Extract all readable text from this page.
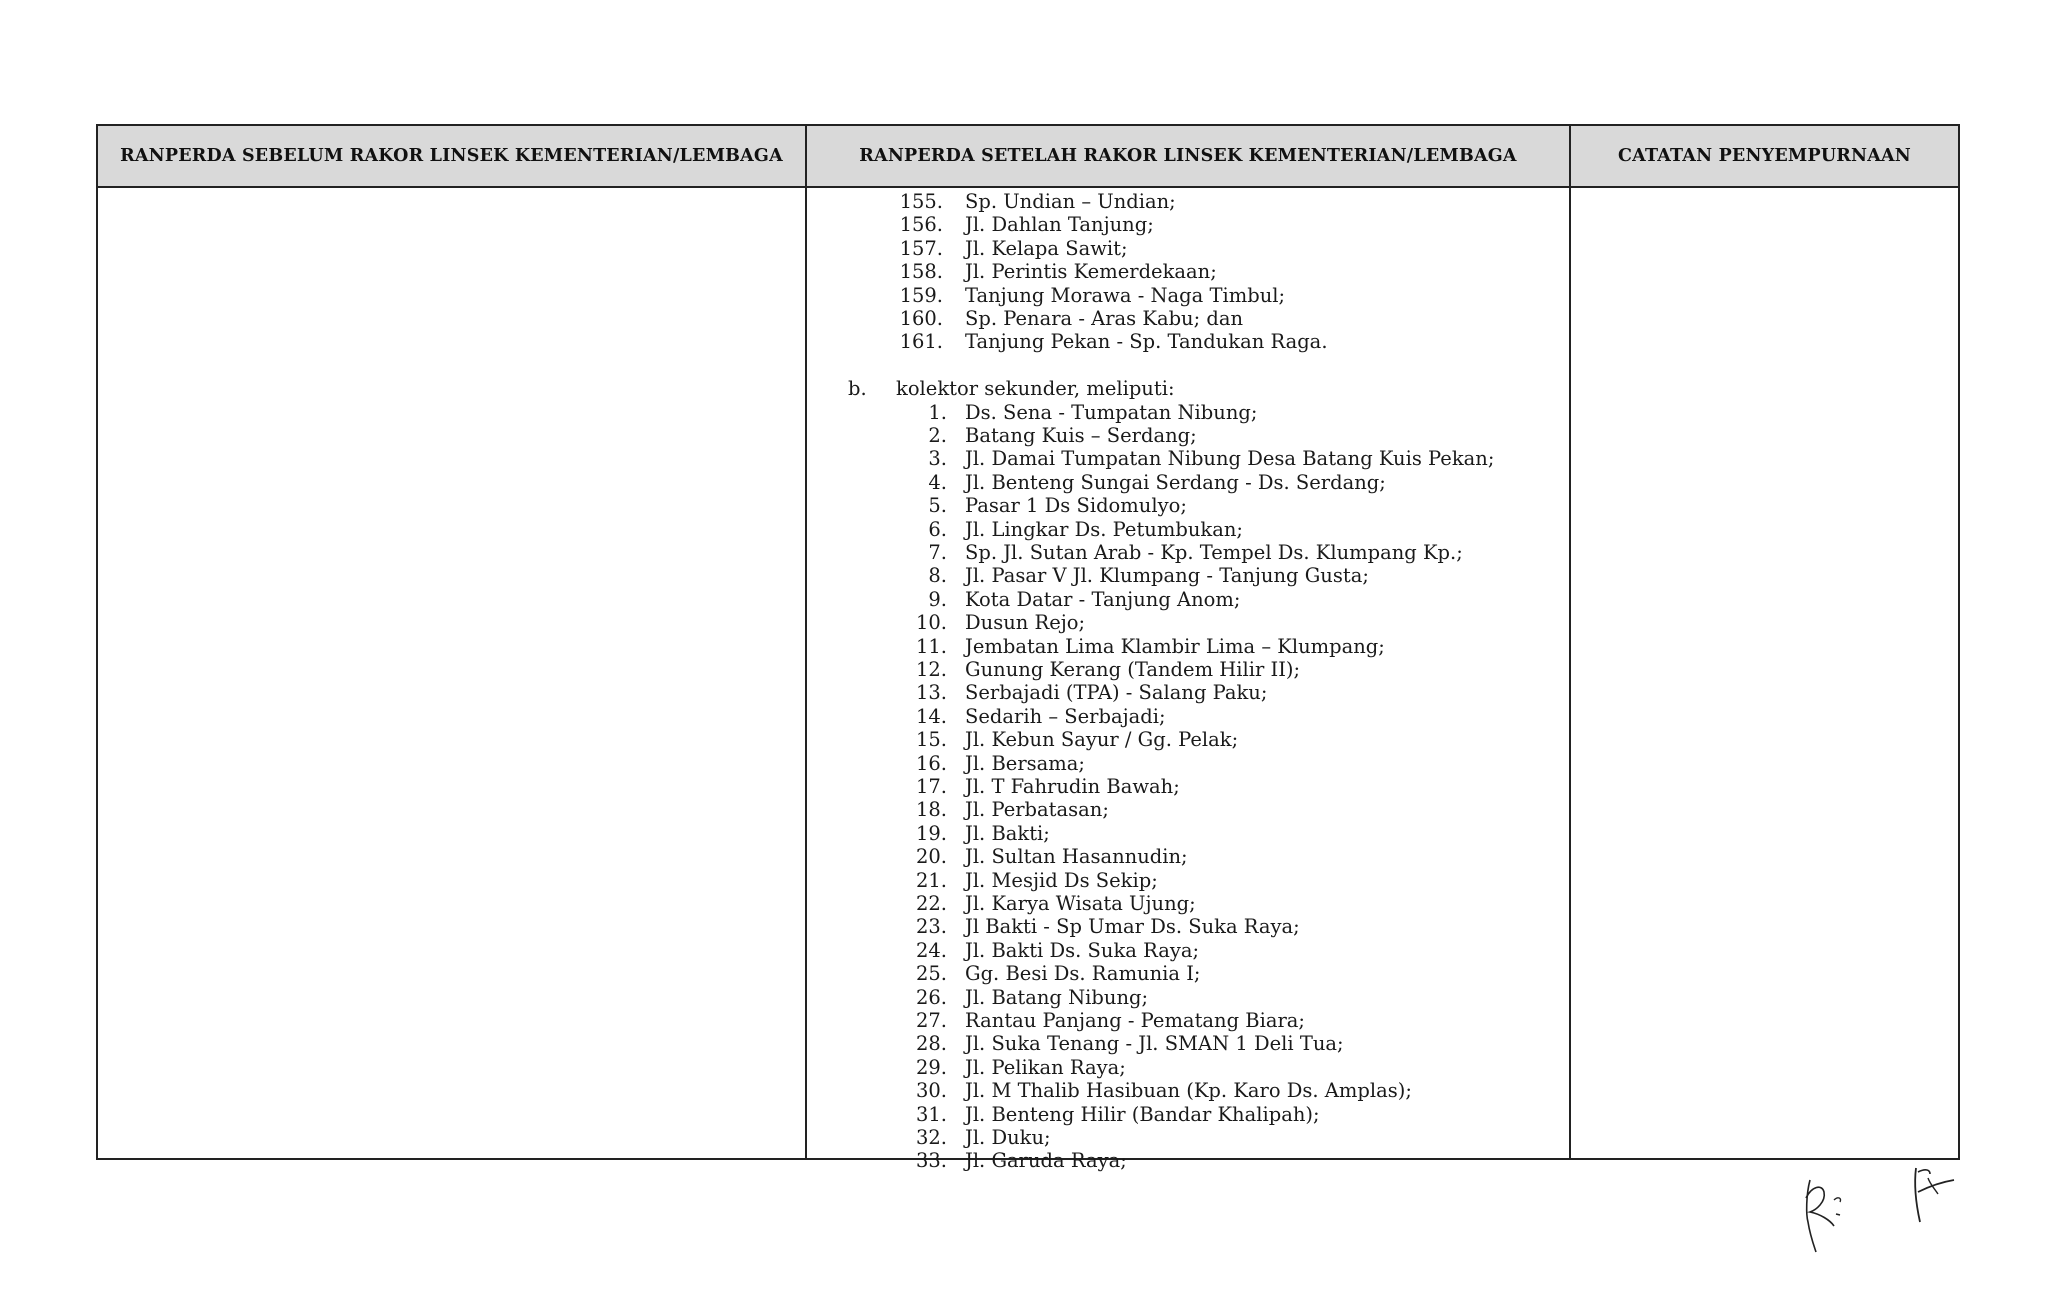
RANPERDA SEBELUM RAKOR LINSEK KEMENTERIAN/LEMBAGA	RANPERDA SETELAH RAKOR LINSEK KEMENTERIAN/LEMBAGA	CATATAN PENYEMPURNAAN
155. Sp. Undian – Undian;
156. Jl. Dahlan Tanjung;
157. Jl. Kelapa Sawit;
158. Jl. Perintis Kemerdekaan;
159. Tanjung Morawa - Naga Timbul;
160. Sp. Penara - Aras Kabu; dan
161. Tanjung Pekan - Sp. Tandukan Raga.
b. kolektor sekunder, meliputi:
1. Ds. Sena - Tumpatan Nibung;
2. Batang Kuis – Serdang;
3. Jl. Damai Tumpatan Nibung Desa Batang Kuis Pekan;
4. Jl. Benteng Sungai Serdang - Ds. Serdang;
5. Pasar 1 Ds Sidomulyo;
6. Jl. Lingkar Ds. Petumbukan;
7. Sp. Jl. Sutan Arab - Kp. Tempel Ds. Klumpang Kp.;
8. Jl. Pasar V Jl. Klumpang - Tanjung Gusta;
9. Kota Datar - Tanjung Anom;
10. Dusun Rejo;
11. Jembatan Lima Klambir Lima – Klumpang;
12. Gunung Kerang (Tandem Hilir II);
13. Serbajadi (TPA) - Salang Paku;
14. Sedarih – Serbajadi;
15. Jl. Kebun Sayur / Gg. Pelak;
16. Jl. Bersama;
17. Jl. T Fahrudin Bawah;
18. Jl. Perbatasan;
19. Jl. Bakti;
20. Jl. Sultan Hasannudin;
21. Jl. Mesjid Ds Sekip;
22. Jl. Karya Wisata Ujung;
23. Jl Bakti - Sp Umar Ds. Suka Raya;
24. Jl. Bakti Ds. Suka Raya;
25. Gg. Besi Ds. Ramunia I;
26. Jl. Batang Nibung;
27. Rantau Panjang - Pematang Biara;
28. Jl. Suka Tenang - Jl. SMAN 1 Deli Tua;
29. Jl. Pelikan Raya;
30. Jl. M Thalib Hasibuan (Kp. Karo Ds. Amplas);
31. Jl. Benteng Hilir (Bandar Khalipah);
32. Jl. Duku;
33. Jl. Garuda Raya;
